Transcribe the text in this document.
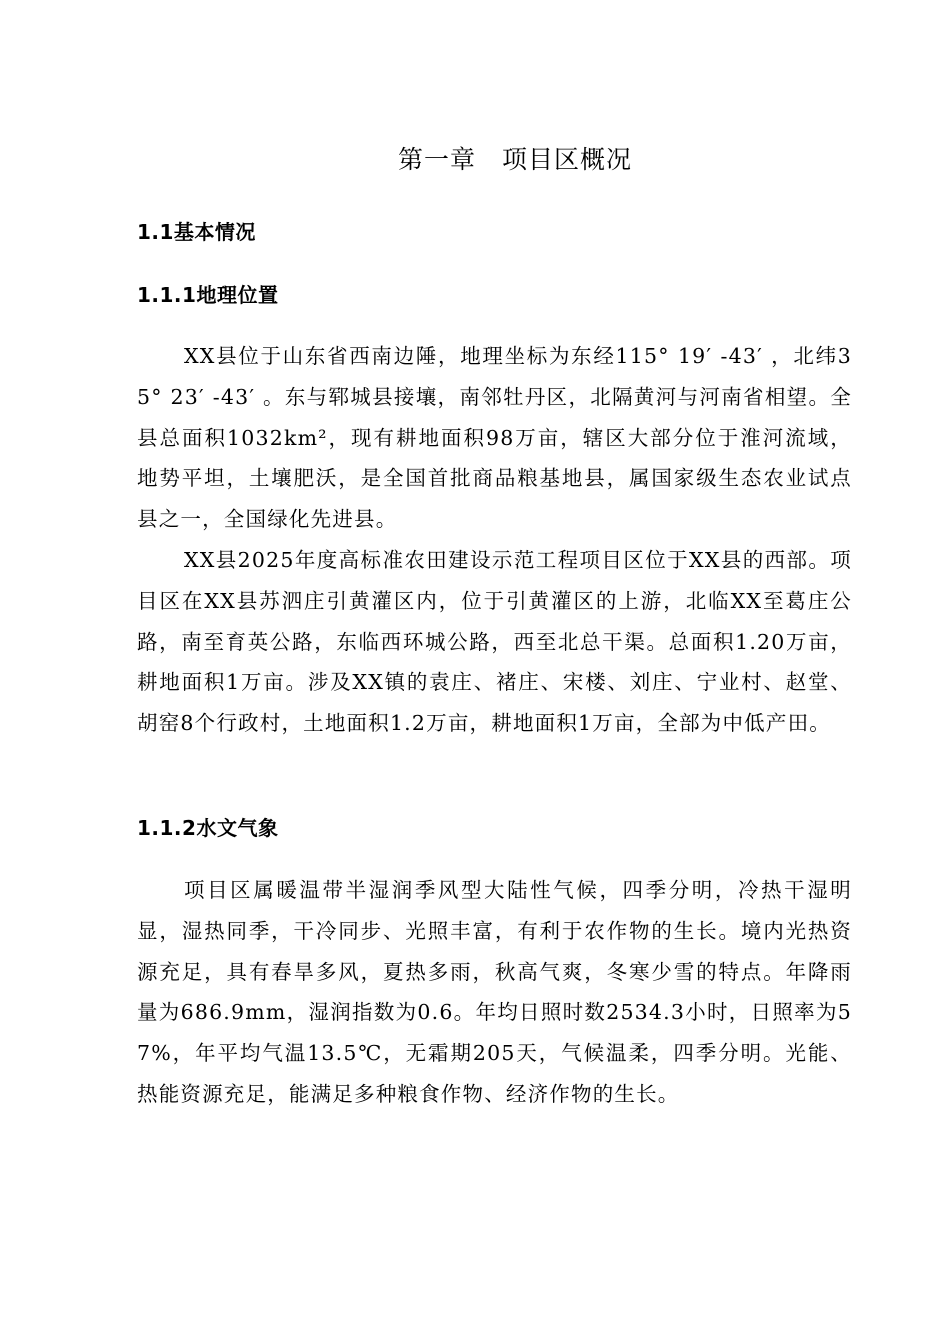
第一章 项目区概况
1.1基本情况
1.1.1地理位置

XX县位于山东省西南边陲，地理坐标为东经115° 19′ -43′ ，北纬35° 23′ -43′ 。东与郓城县接壤，南邻牡丹区，北隔黄河与河南省相望。全县总面积1032km²，现有耕地面积98万亩，辖区大部分位于淮河流域，地势平坦，土壤肥沃，是全国首批商品粮基地县，属国家级生态农业试点县之一，全国绿化先进县。

XX县2025年度高标准农田建设示范工程项目区位于XX县的西部。项目区在XX县苏泗庄引黄灌区内，位于引黄灌区的上游，北临XX至葛庄公路，南至育英公路，东临西环城公路，西至北总干渠。总面积1.20万亩，耕地面积1万亩。涉及XX镇的袁庄、褚庄、宋楼、刘庄、宁业村、赵堂、胡窑8个行政村，土地面积1.2万亩，耕地面积1万亩，全部为中低产田。

1.1.2水文气象

项目区属暖温带半湿润季风型大陆性气候，四季分明，冷热干湿明显，湿热同季，干冷同步、光照丰富，有利于农作物的生长。境内光热资源充足，具有春旱多风，夏热多雨，秋高气爽，冬寒少雪的特点。年降雨量为686.9mm，湿润指数为0.6。年均日照时数2534.3小时，日照率为57%，年平均气温13.5℃，无霜期205天，气候温柔，四季分明。光能、热能资源充足，能满足多种粮食作物、经济作物的生长。
